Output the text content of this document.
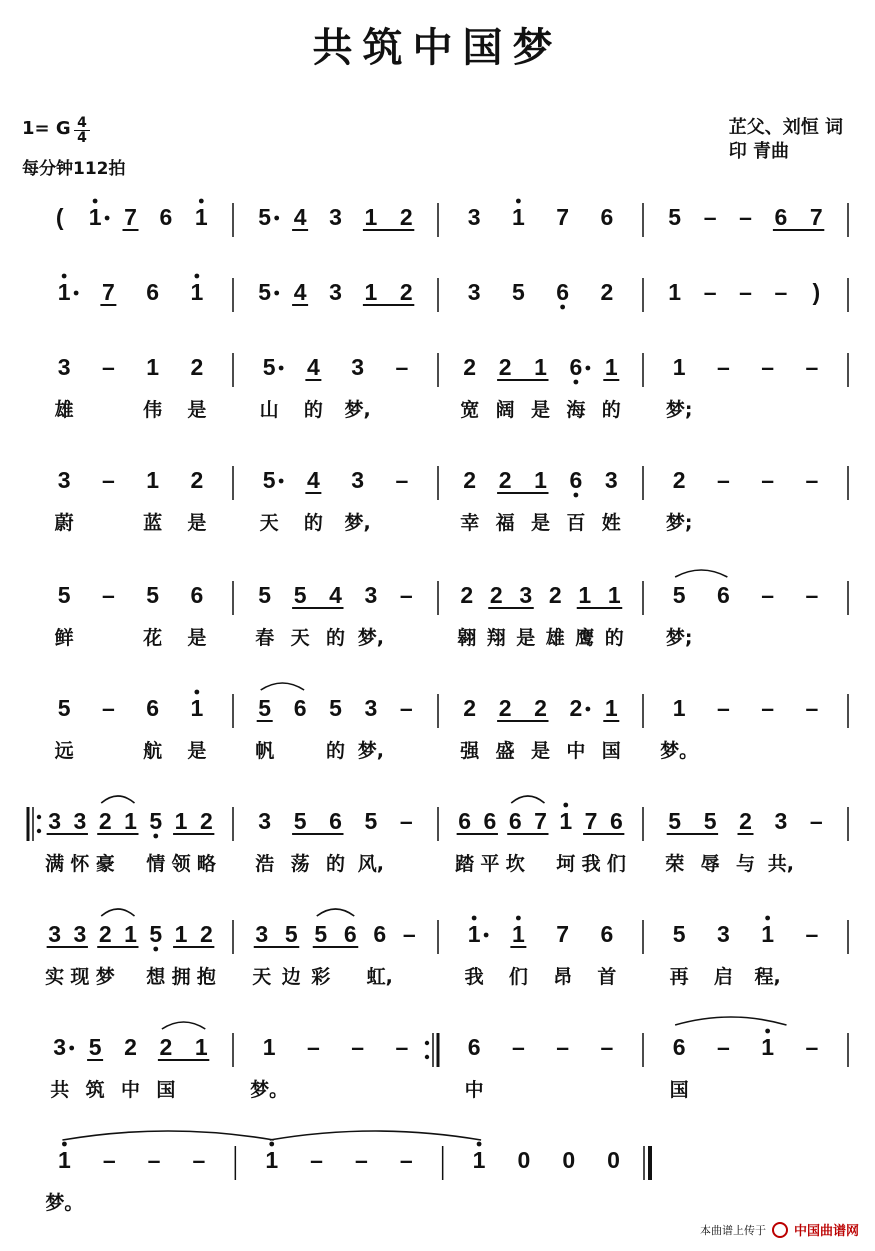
共筑中国梦
1= G $\frac{4}{4}$
每分钟112拍
芷父、刘恒 词
印 青曲
( 1 7 6 1 5 4 3 1 2 3 1 7 6 5 – – 6 7
1 7 6 1 5 4 3 1 2 3 5 6 2 1 – – – )
3
雄
– 1
伟
2
是
5
山
4
的
3
梦,
– 2
宽
2
阔
1
是
6
海
1
的
1
梦;
– – –
3
蔚
– 1
蓝
2
是
5
天
4
的
3
梦,
– 2
幸
2
福
1
是
6
百
3
姓
2
梦;
– – –
5
鲜
– 5
花
6
是
5
春
5
天
4
的
3
梦,
– 2
翱
2
翔
3
是
2
雄
1
鹰
1
的
5
梦;
6 – –
5
远
– 6
航
1
是
5
帆
6 5
的
3
梦,
– 2
强
2
盛
2
是
2
中
1
国
1
梦。
– – –
3
满
3
怀
2
豪
1 5
情
1
领
2
略
3
浩
5
荡
6
的
5
风,
– 6
踏
6
平
6
坎
7 1
坷
7
我
6
们
5
荣
5
辱
2
与
3
共,
–
3
实
3
现
2
梦
1 5
想
1
拥
2
抱
3
天
5
边
5
彩
6 6
虹,
– 1
我
1
们
7
昂
6
首
5
再
3
启
1
程,
–
3
共
5
筑
2
中
2
国
1 1
梦。
– – –	6
中
– – –	6
国
– 1 –
1
梦。
– – –	1 – – –	1 0 0 0
本曲谱上传于 中国曲谱网
